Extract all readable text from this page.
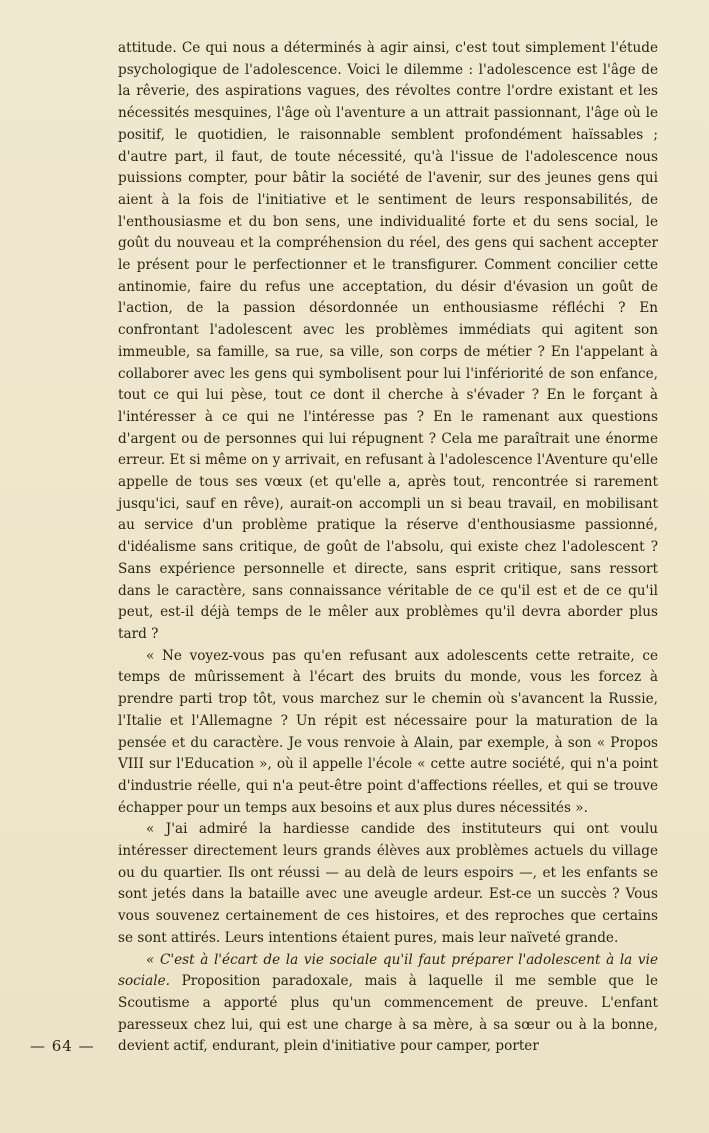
attitude. Ce qui nous a déterminés à agir ainsi, c'est tout simplement l'étude psychologique de l'adolescence. Voici le dilemme : l'adolescence est l'âge de la rêverie, des aspirations vagues, des révoltes contre l'ordre existant et les nécessités mesquines, l'âge où l'aventure a un attrait passionnant, l'âge où le positif, le quotidien, le raisonnable semblent profondément haïssables ; d'autre part, il faut, de toute nécessité, qu'à l'issue de l'adolescence nous puissions compter, pour bâtir la société de l'avenir, sur des jeunes gens qui aient à la fois de l'initiative et le sentiment de leurs responsabilités, de l'enthousiasme et du bon sens, une individualité forte et du sens social, le goût du nouveau et la compréhension du réel, des gens qui sachent accepter le présent pour le perfectionner et le transfigurer. Comment concilier cette antinomie, faire du refus une acceptation, du désir d'évasion un goût de l'action, de la passion désordonnée un enthousiasme réfléchi ? En confrontant l'adolescent avec les problèmes immédiats qui agitent son immeuble, sa famille, sa rue, sa ville, son corps de métier ? En l'appelant à collaborer avec les gens qui symbolisent pour lui l'infériorité de son enfance, tout ce qui lui pèse, tout ce dont il cherche à s'évader ? En le forçant à l'intéresser à ce qui ne l'intéresse pas ? En le ramenant aux questions d'argent ou de personnes qui lui répugnent ? Cela me paraîtrait une énorme erreur. Et si même on y arrivait, en refusant à l'adolescence l'Aventure qu'elle appelle de tous ses vœux (et qu'elle a, après tout, rencontrée si rarement jusqu'ici, sauf en rêve), aurait-on accompli un si beau travail, en mobilisant au service d'un problème pratique la réserve d'enthousiasme passionné, d'idéalisme sans critique, de goût de l'absolu, qui existe chez l'adolescent ? Sans expérience personnelle et directe, sans esprit critique, sans ressort dans le caractère, sans connaissance véritable de ce qu'il est et de ce qu'il peut, est-il déjà temps de le mêler aux problèmes qu'il devra aborder plus tard ?

« Ne voyez-vous pas qu'en refusant aux adolescents cette retraite, ce temps de mûrissement à l'écart des bruits du monde, vous les forcez à prendre parti trop tôt, vous marchez sur le chemin où s'avancent la Russie, l'Italie et l'Allemagne ? Un répit est nécessaire pour la maturation de la pensée et du caractère. Je vous renvoie à Alain, par exemple, à son « Propos VIII sur l'Education », où il appelle l'école « cette autre société, qui n'a point d'industrie réelle, qui n'a peut-être point d'affections réelles, et qui se trouve échapper pour un temps aux besoins et aux plus dures nécessités ».

« J'ai admiré la hardiesse candide des instituteurs qui ont voulu intéresser directement leurs grands élèves aux problèmes actuels du village ou du quartier. Ils ont réussi — au delà de leurs espoirs —, et les enfants se sont jetés dans la bataille avec une aveugle ardeur. Est-ce un succès ? Vous vous souvenez certainement de ces histoires, et des reproches que certains se sont attirés. Leurs intentions étaient pures, mais leur naïveté grande.

« C'est à l'écart de la vie sociale qu'il faut préparer l'adolescent à la vie sociale. Proposition paradoxale, mais à laquelle il me semble que le Scoutisme a apporté plus qu'un commencement de preuve. L'enfant paresseux chez lui, qui est une charge à sa mère, à sa sœur ou à la bonne, devient actif, endurant, plein d'initiative pour camper, porter

— 64 —
